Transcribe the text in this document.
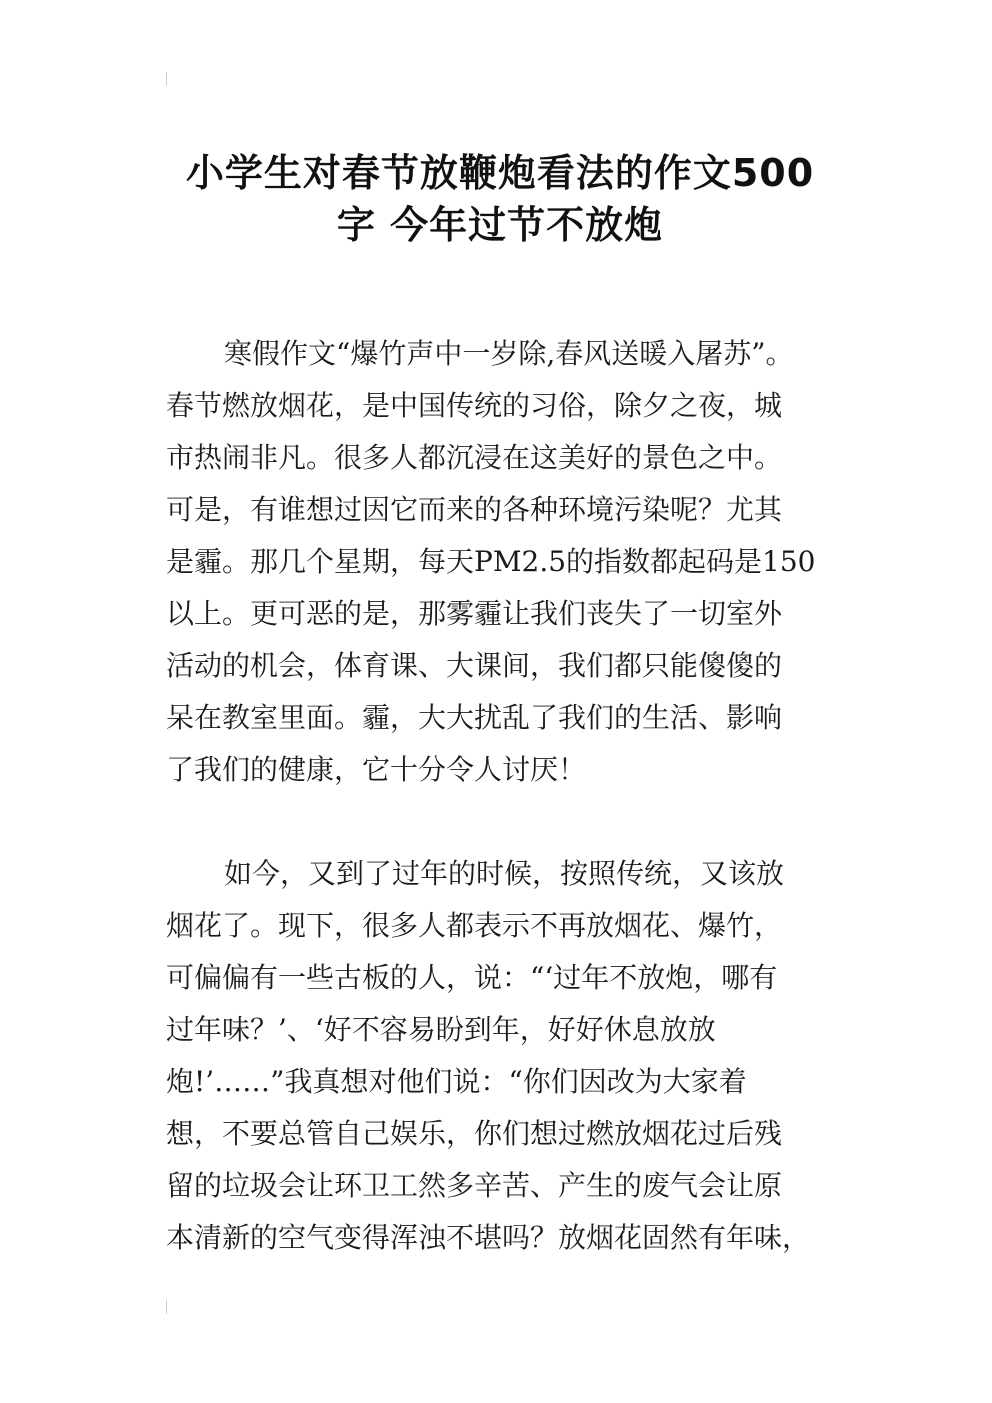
小学生对春节放鞭炮看法的作文500
字 今年过节不放炮
寒假作文“爆竹声中一岁除,春风送暖入屠苏”。
春节燃放烟花，是中国传统的习俗，除夕之夜，城
市热闹非凡。很多人都沉浸在这美好的景色之中。
可是，有谁想过因它而来的各种环境污染呢？尤其
是霾。那几个星期，每天PM2.5的指数都起码是150
以上。更可恶的是，那雾霾让我们丧失了一切室外
活动的机会，体育课、大课间，我们都只能傻傻的
呆在教室里面。霾，大大扰乱了我们的生活、影响
了我们的健康，它十分令人讨厌！
如今，又到了过年的时候，按照传统，又该放
烟花了。现下，很多人都表示不再放烟花、爆竹，
可偏偏有一些古板的人，说：“‘过年不放炮，哪有
过年味？’、‘好不容易盼到年，好好休息放放
炮!’……”我真想对他们说：“你们因改为大家着
想，不要总管自己娱乐，你们想过燃放烟花过后残
留的垃圾会让环卫工然多辛苦、产生的废气会让原
本清新的空气变得浑浊不堪吗？放烟花固然有年味，
